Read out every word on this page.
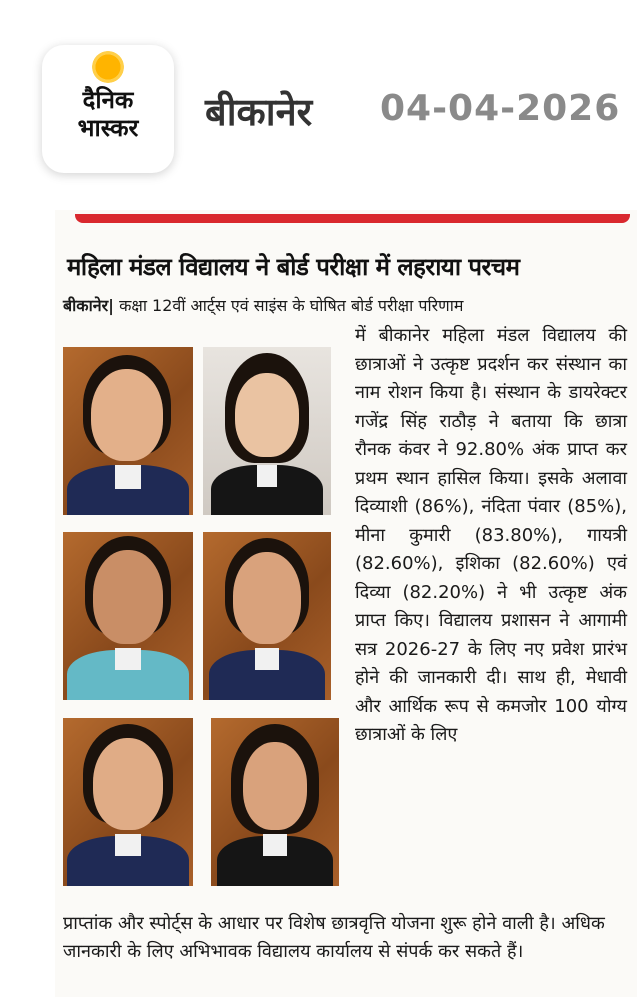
दैनिक
भास्कर	बीकानेर 04-04-2026
महिला मंडल विद्यालय ने बोर्ड परीक्षा में लहराया परचम
बीकानेर| कक्षा 12वीं आर्ट्स एवं साइंस के घोषित बोर्ड परीक्षा परिणाम
में बीकानेर महिला मंडल विद्यालय की छात्राओं ने उत्कृष्ट प्रदर्शन कर संस्थान का नाम रोशन किया है। संस्थान के डायरेक्टर गजेंद्र सिंह राठौड़ ने बताया कि छात्रा रौनक कंवर ने 92.80% अंक प्राप्त कर प्रथम स्थान हासिल किया। इसके अलावा दिव्याशी (86%), नंदिता पंवार (85%), मीना कुमारी (83.80%), गायत्री (82.60%), इशिका (82.60%) एवं दिव्या (82.20%) ने भी उत्कृष्ट अंक प्राप्त किए। विद्यालय प्रशासन ने आगामी सत्र 2026-27 के लिए नए प्रवेश प्रारंभ होने की जानकारी दी। साथ ही, मेधावी और आर्थिक रूप से कमजोर 100 योग्य छात्राओं के लिए
प्राप्तांक और स्पोर्ट्स के आधार पर विशेष छात्रवृत्ति योजना शुरू होने वाली है। अधिक जानकारी के लिए अभिभावक विद्यालय कार्यालय से संपर्क कर सकते हैं।
